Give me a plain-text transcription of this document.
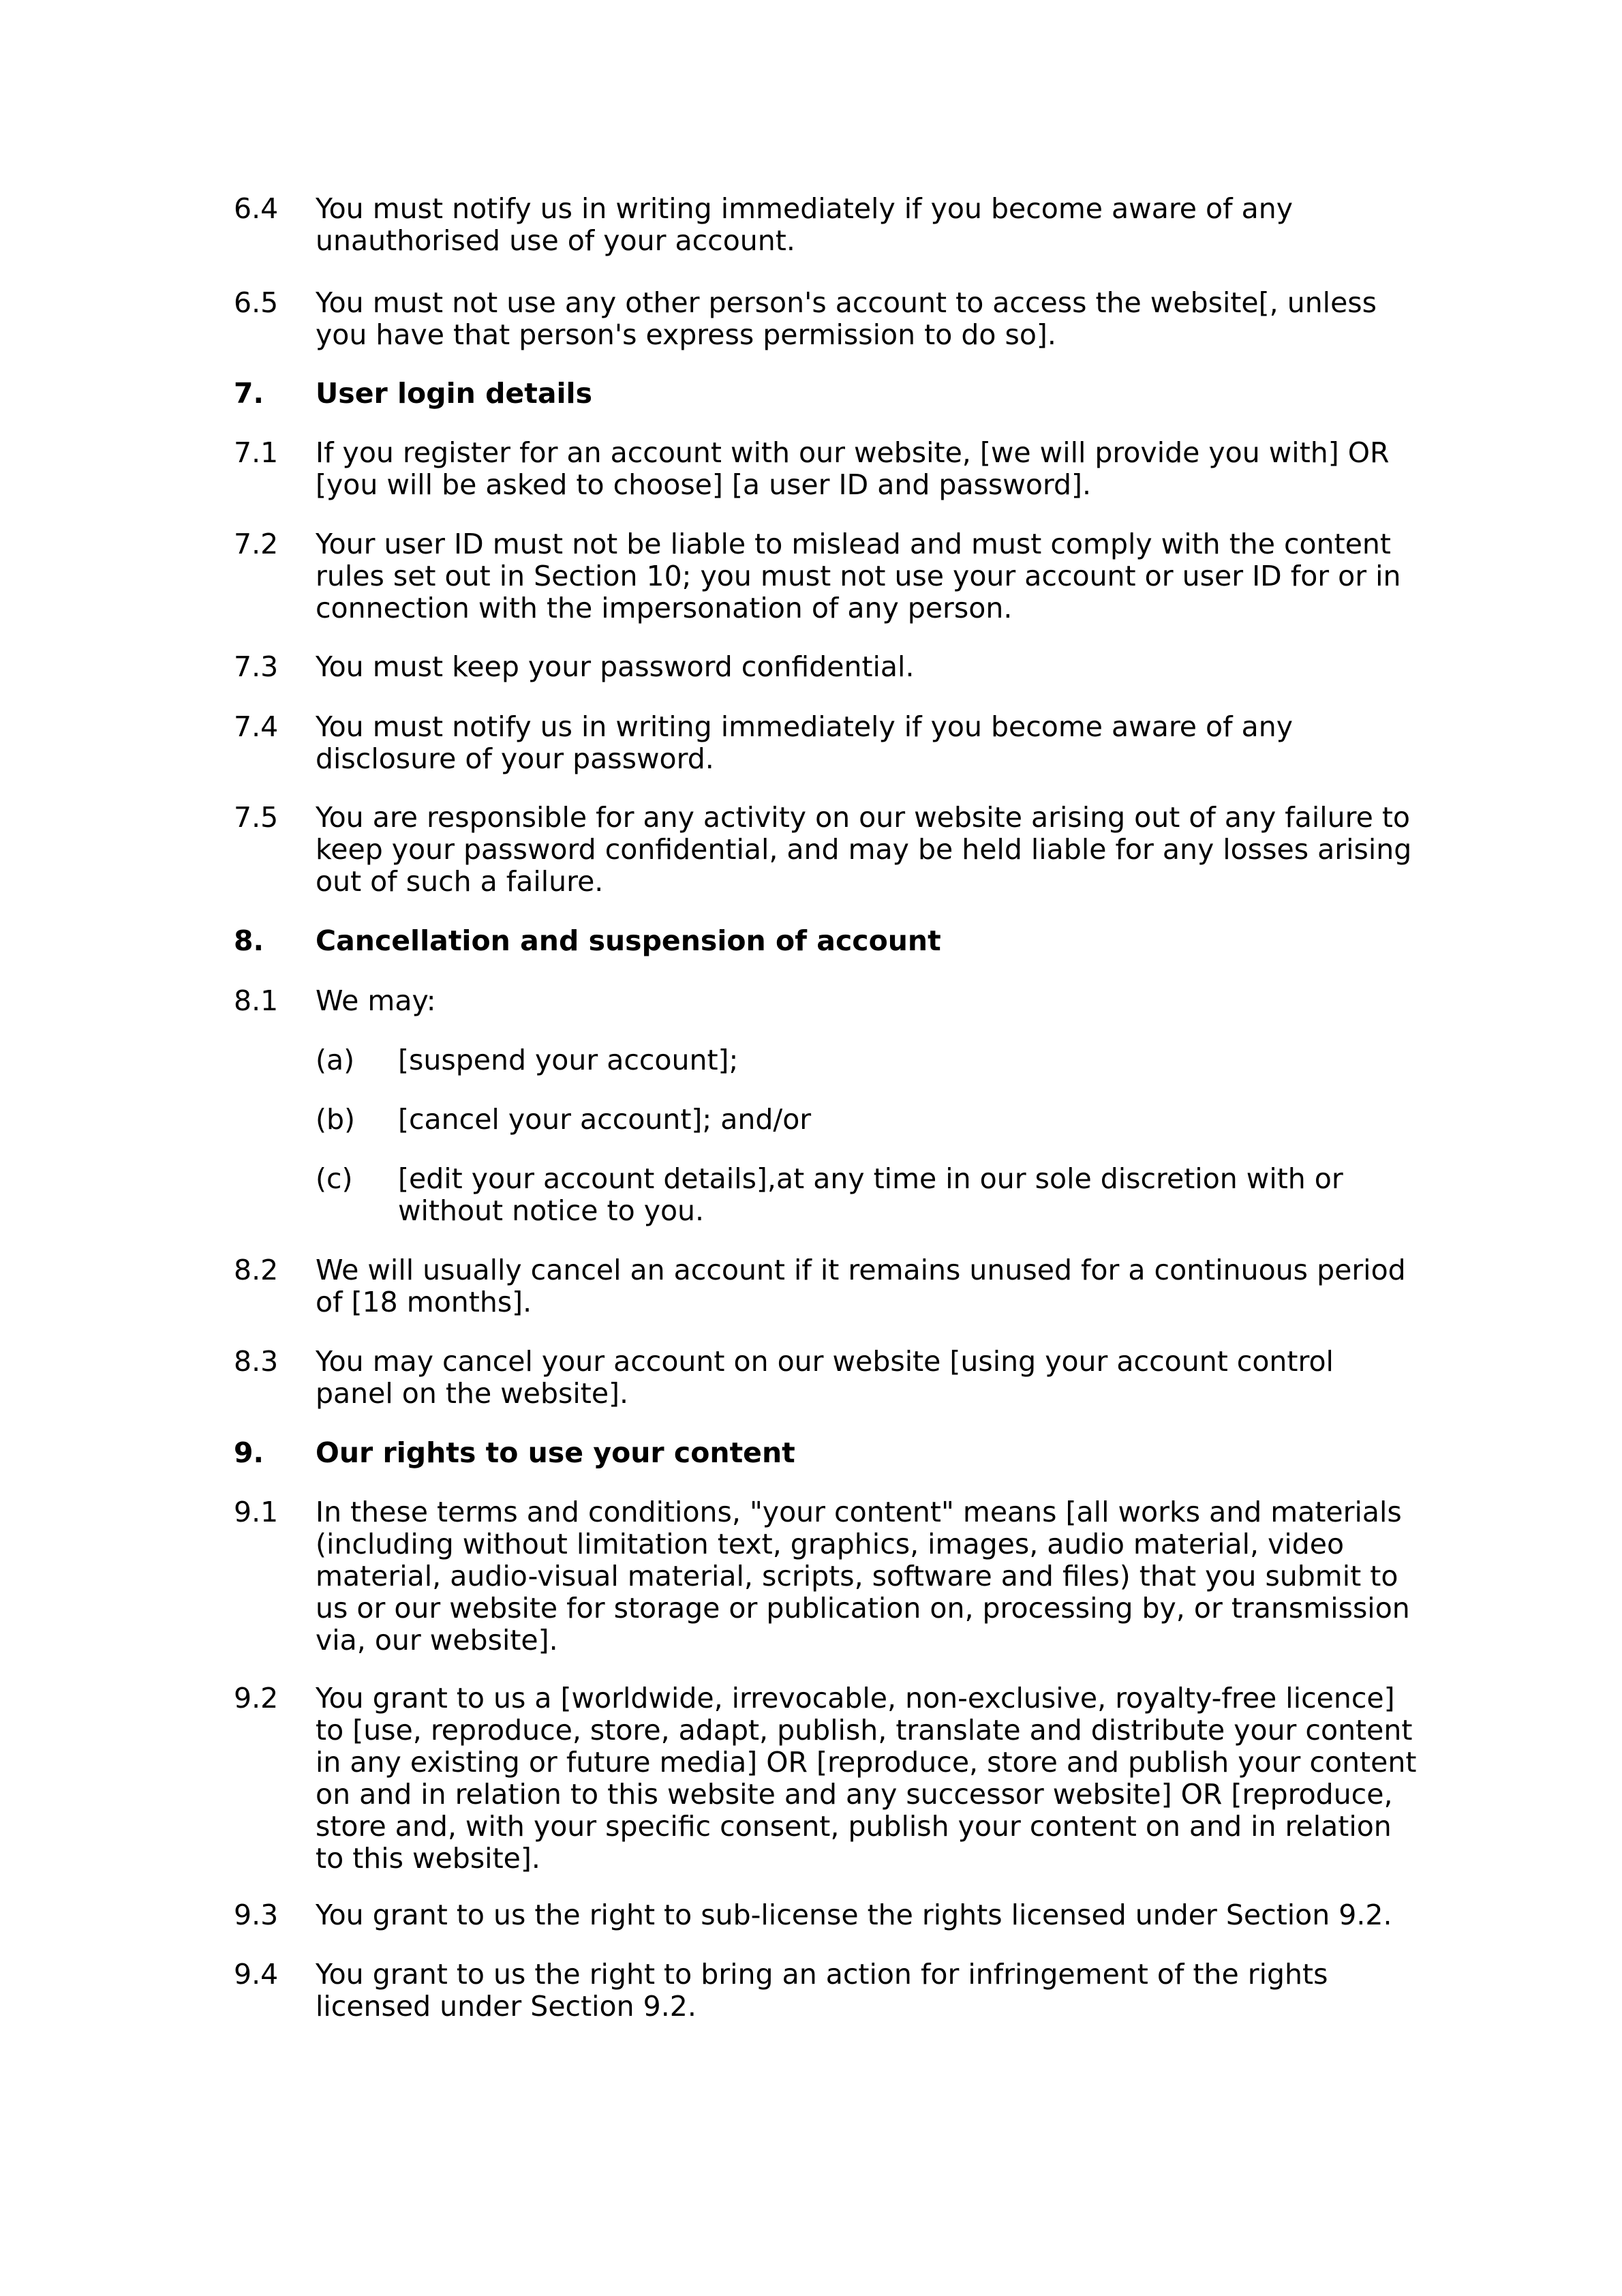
6.4 You must notify us in writing immediately if you become aware of any
unauthorised use of your account.
6.5 You must not use any other person's account to access the website[, unless
you have that person's express permission to do so].
7. User login details
7.1 If you register for an account with our website, [we will provide you with] OR
[you will be asked to choose] [a user ID and password].
7.2 Your user ID must not be liable to mislead and must comply with the content
rules set out in Section 10; you must not use your account or user ID for or in
connection with the impersonation of any person.
7.3 You must keep your password confidential.
7.4 You must notify us in writing immediately if you become aware of any
disclosure of your password.
7.5 You are responsible for any activity on our website arising out of any failure to
keep your password confidential, and may be held liable for any losses arising
out of such a failure.
8. Cancellation and suspension of account
8.1 We may:
(a) [suspend your account];
(b) [cancel your account]; and/or
(c) [edit your account details],at any time in our sole discretion with or
without notice to you.
8.2 We will usually cancel an account if it remains unused for a continuous period
of [18 months].
8.3 You may cancel your account on our website [using your account control
panel on the website].
9. Our rights to use your content
9.1 In these terms and conditions, "your content" means [all works and materials
(including without limitation text, graphics, images, audio material, video
material, audio-visual material, scripts, software and files) that you submit to
us or our website for storage or publication on, processing by, or transmission
via, our website].
9.2 You grant to us a [worldwide, irrevocable, non-exclusive, royalty-free licence]
to [use, reproduce, store, adapt, publish, translate and distribute your content
in any existing or future media] OR [reproduce, store and publish your content
on and in relation to this website and any successor website] OR [reproduce,
store and, with your specific consent, publish your content on and in relation
to this website].
9.3 You grant to us the right to sub-license the rights licensed under Section 9.2.
9.4 You grant to us the right to bring an action for infringement of the rights
licensed under Section 9.2.
